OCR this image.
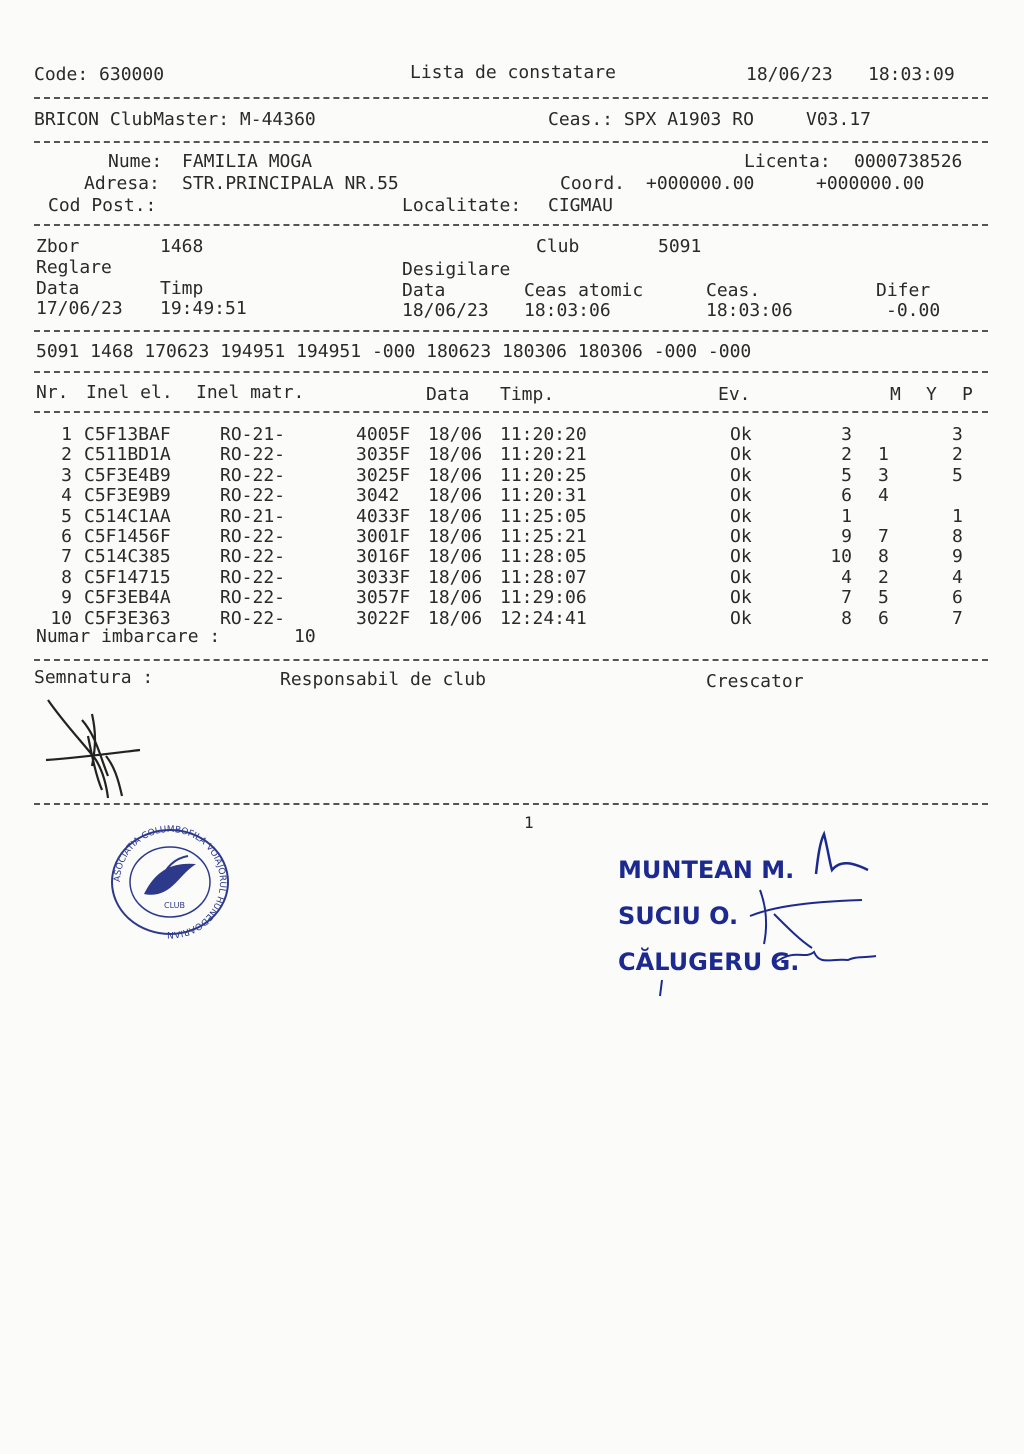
Code: 630000	Lista de constatare	18/06/23 18:03:09
BRICON ClubMaster: M-44360	Ceas.: SPX A1903 RO	V03.17
Nume: FAMILIA MOGA	Licenta: 0000738526
Adresa: STR.PRINCIPALA NR.55	Coord. +000000.00	+000000.00
Cod Post.:	Localitate: CIGMAU
Zbor	1468	Club	5091
Reglare	Desigilare
Data	Timp	Data	Ceas atomic	Ceas.	Difer
17/06/23 19:49:51	18/06/23 18:03:06	18:03:06	-0.00
5091 1468 170623 194951 194951 -000 180623 180306 180306 -000 -000
Nr. Inel el. Inel matr.	Data Timp.	Ev.	M Y P
1 C5F13BAF	RO-21-	4005F 18/06 11:20:20	Ok	3	3
2 C511BD1A	RO-22-	3035F 18/06 11:20:21	Ok	2 1	2
3 C5F3E4B9	RO-22-	3025F 18/06 11:20:25	Ok	5 3	5
4 C5F3E9B9	RO-22-	3042 18/06 11:20:31	Ok	6 4
5 C514C1AA	RO-21-	4033F 18/06 11:25:05	Ok	1	1
6 C5F1456F	RO-22-	3001F 18/06 11:25:21	Ok	9 7	8
7 C514C385	RO-22-	3016F 18/06 11:28:05	Ok	10 8	9
8 C5F14715	RO-22-	3033F 18/06 11:28:07	Ok	4 2	4
9 C5F3EB4A	RO-22-	3057F 18/06 11:29:06	Ok	7 5	6
10 C5F3E363	RO-22-	3022F 18/06 12:24:41	Ok	8 6	7
Numar imbarcare :	10
Semnatura :	Responsabil de club	Crescator
1
ASOCIATIA COLUMBOFILA VOIAJORUL HUNEDOARIAN
CLUB
MUNTEAN M.
SUCIU O.
CĂLUGERU G.
